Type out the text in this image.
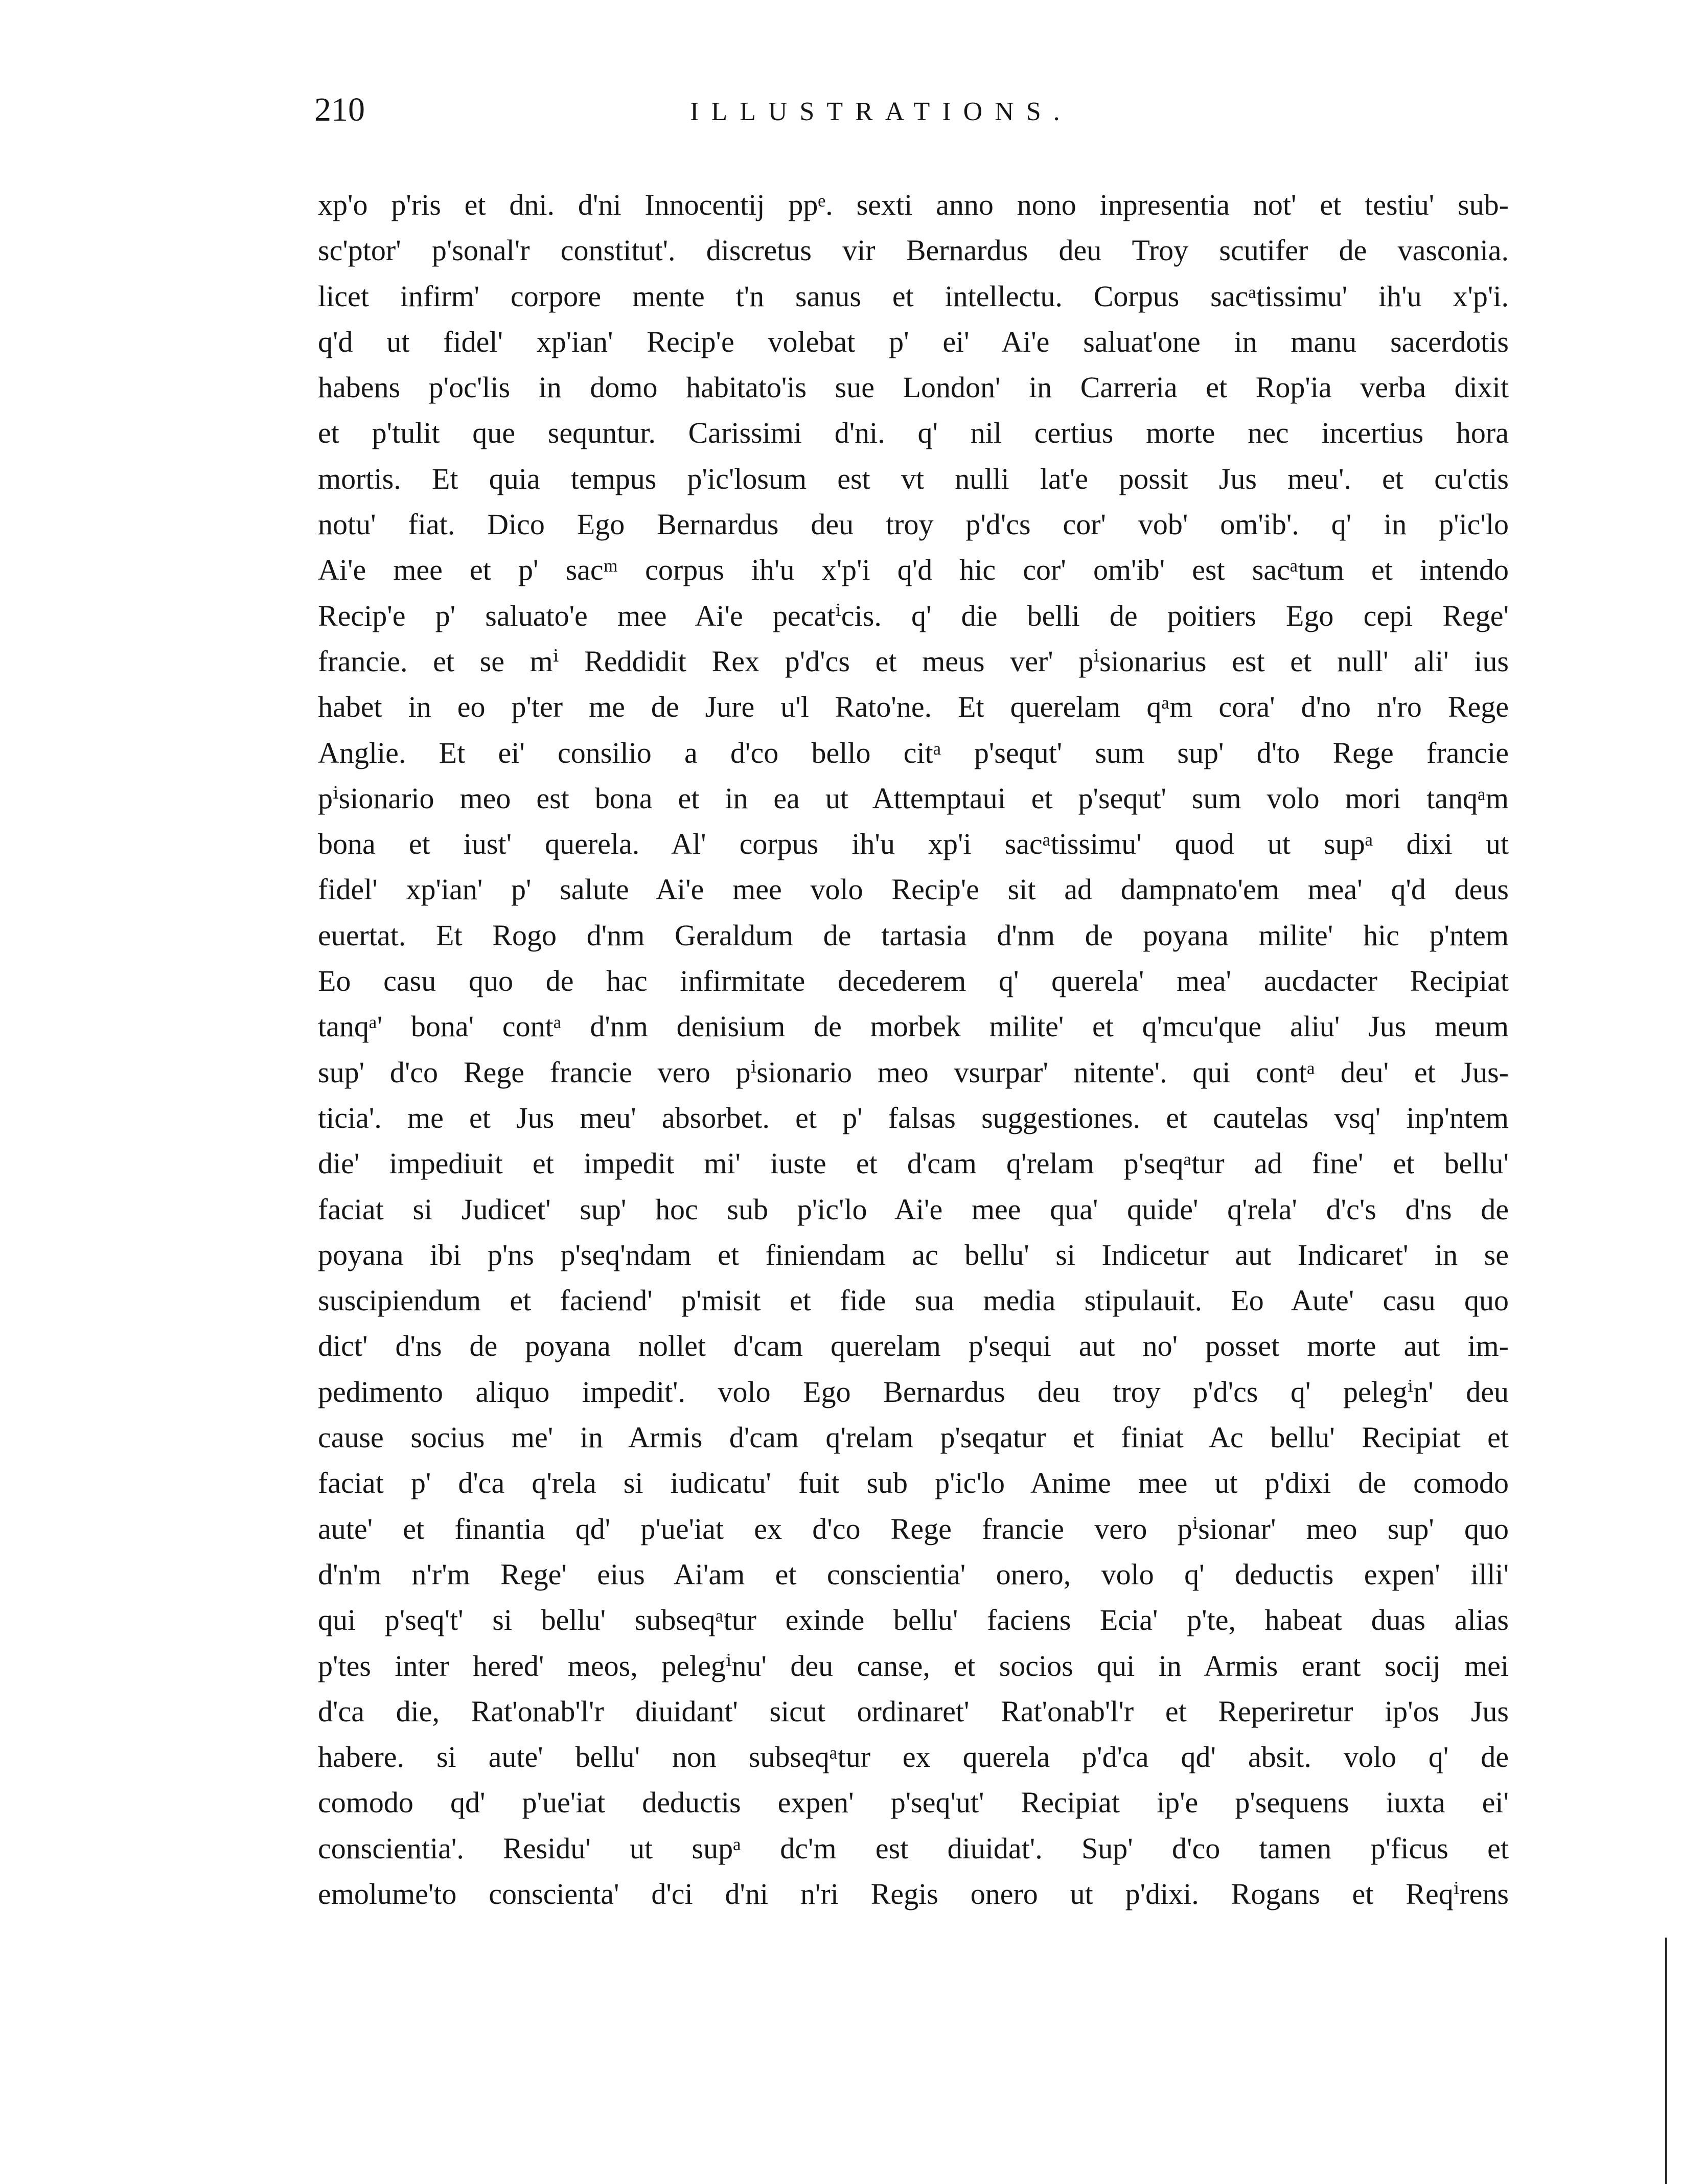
210	ILLUSTRATIONS.
xp'o p'ris et dni. d'ni Innocentij ppᵉ. sexti anno nono inpresentia not' et testiu' sub-
sc'ptor' p'sonal'r constitut'. discretus vir Bernardus deu Troy scutifer de vasconia.
licet infirm' corpore mente t'n sanus et intellectu. Corpus sacᵃtissimu' ih'u x'p'i.
q'd ut fidel' xp'ian' Recip'e volebat p' ei' Ai'e saluat'one in manu sacerdotis
habens p'oc'lis in domo habitato'is sue London' in Carreria et Rop'ia verba dixit
et p'tulit que sequntur. Carissimi d'ni. q' nil certius morte nec incertius hora
mortis. Et quia tempus p'ic'losum est vt nulli lat'e possit Jus meu'. et cu'ctis
notu' fiat. Dico Ego Bernardus deu troy p'd'cs cor' vob' om'ib'. q' in p'ic'lo
Ai'e mee et p' sacᵐ corpus ih'u x'p'i q'd hic cor' om'ib' est sacᵃtum et intendo
Recip'e p' saluato'e mee Ai'e pecatⁱcis. q' die belli de poitiers Ego cepi Rege'
francie. et se mⁱ Reddidit Rex p'd'cs et meus ver' pⁱsionarius est et null' ali' ius
habet in eo p'ter me de Jure u'l Rato'ne. Et querelam qᵃm cora' d'no n'ro Rege
Anglie. Et ei' consilio a d'co bello citᵃ p'sequt' sum sup' d'to Rege francie
pⁱsionario meo est bona et in ea ut Attemptaui et p'sequt' sum volo mori tanqᵃm
bona et iust' querela. Al' corpus ih'u xp'i sacᵃtissimu' quod ut supᵃ dixi ut
fidel' xp'ian' p' salute Ai'e mee volo Recip'e sit ad dampnato'em mea' q'd deus
euertat. Et Rogo d'nm Geraldum de tartasia d'nm de poyana milite' hic p'ntem
Eo casu quo de hac infirmitate decederem q' querela' mea' aucdacter Recipiat
tanqᵃ' bona' contᵃ d'nm denisium de morbek milite' et q'mcu'que aliu' Jus meum
sup' d'co Rege francie vero pⁱsionario meo vsurpar' nitente'. qui contᵃ deu' et Jus-
ticia'. me et Jus meu' absorbet. et p' falsas suggestiones. et cautelas vsq' inp'ntem
die' impediuit et impedit mi' iuste et d'cam q'relam p'seqᵃtur ad fine' et bellu'
faciat si Judicet' sup' hoc sub p'ic'lo Ai'e mee qua' quide' q'rela' d'c's d'ns de
poyana ibi p'ns p'seq'ndam et finiendam ac bellu' si Indicetur aut Indicaret' in se
suscipiendum et faciend' p'misit et fide sua media stipulauit. Eo Aute' casu quo
dict' d'ns de poyana nollet d'cam querelam p'sequi aut no' posset morte aut im-
pedimento aliquo impedit'. volo Ego Bernardus deu troy p'd'cs q' pelegⁱn' deu
cause socius me' in Armis d'cam q'relam p'seqatur et finiat Ac bellu' Recipiat et
faciat p' d'ca q'rela si iudicatu' fuit sub p'ic'lo Anime mee ut p'dixi de comodo
aute' et finantia qd' p'ue'iat ex d'co Rege francie vero pⁱsionar' meo sup' quo
d'n'm n'r'm Rege' eius Ai'am et conscientia' onero, volo q' deductis expen' illi'
qui p'seq't' si bellu' subseqᵃtur exinde bellu' faciens Ecia' p'te, habeat duas alias
p'tes inter hered' meos, pelegⁱnu' deu canse, et socios qui in Armis erant socij mei
d'ca die, Rat'onab'l'r diuidant' sicut ordinaret' Rat'onab'l'r et Reperiretur ip'os Jus
habere. si aute' bellu' non subseqᵃtur ex querela p'd'ca qd' absit. volo q' de
comodo qd' p'ue'iat deductis expen' p'seq'ut' Recipiat ip'e p'sequens iuxta ei'
conscientia'. Residu' ut supᵃ dc'm est diuidat'. Sup' d'co tamen p'ficus et
emolume'to conscienta' d'ci d'ni n'ri Regis onero ut p'dixi. Rogans et Reqⁱrens
